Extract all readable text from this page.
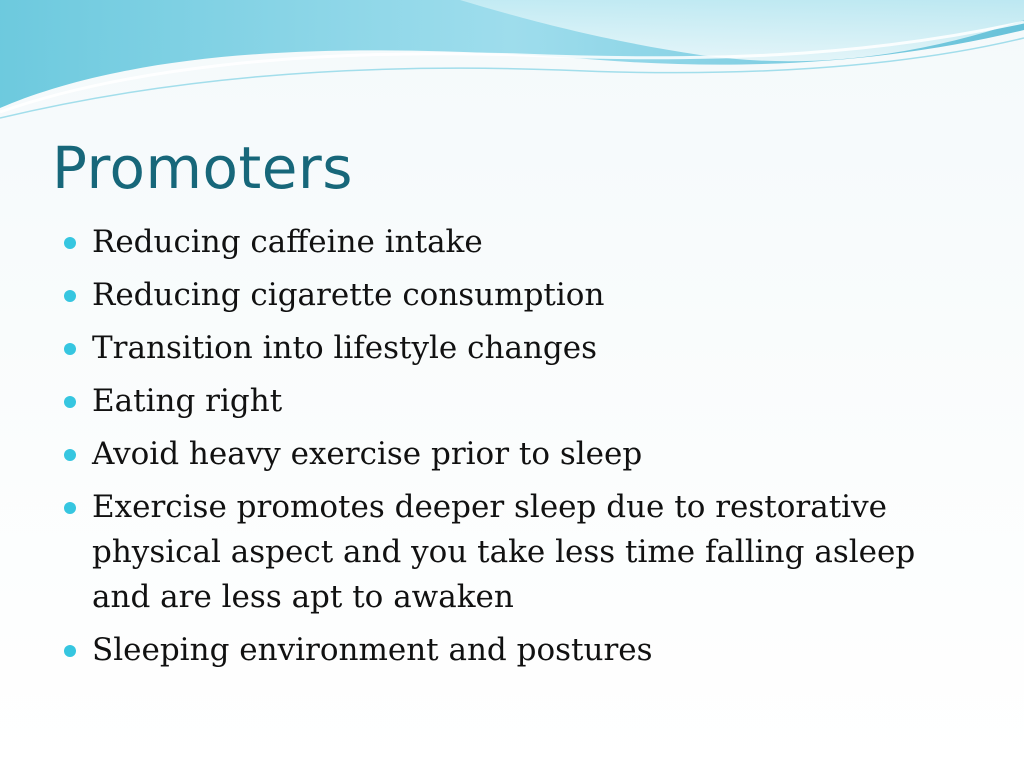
Promoters
Reducing caffeine intake
Reducing cigarette consumption
Transition into lifestyle changes
Eating right
Avoid heavy exercise prior to sleep
Exercise promotes deeper sleep due to restorative physical aspect and you take less time falling asleep and are less apt to awaken
Sleeping environment and postures
